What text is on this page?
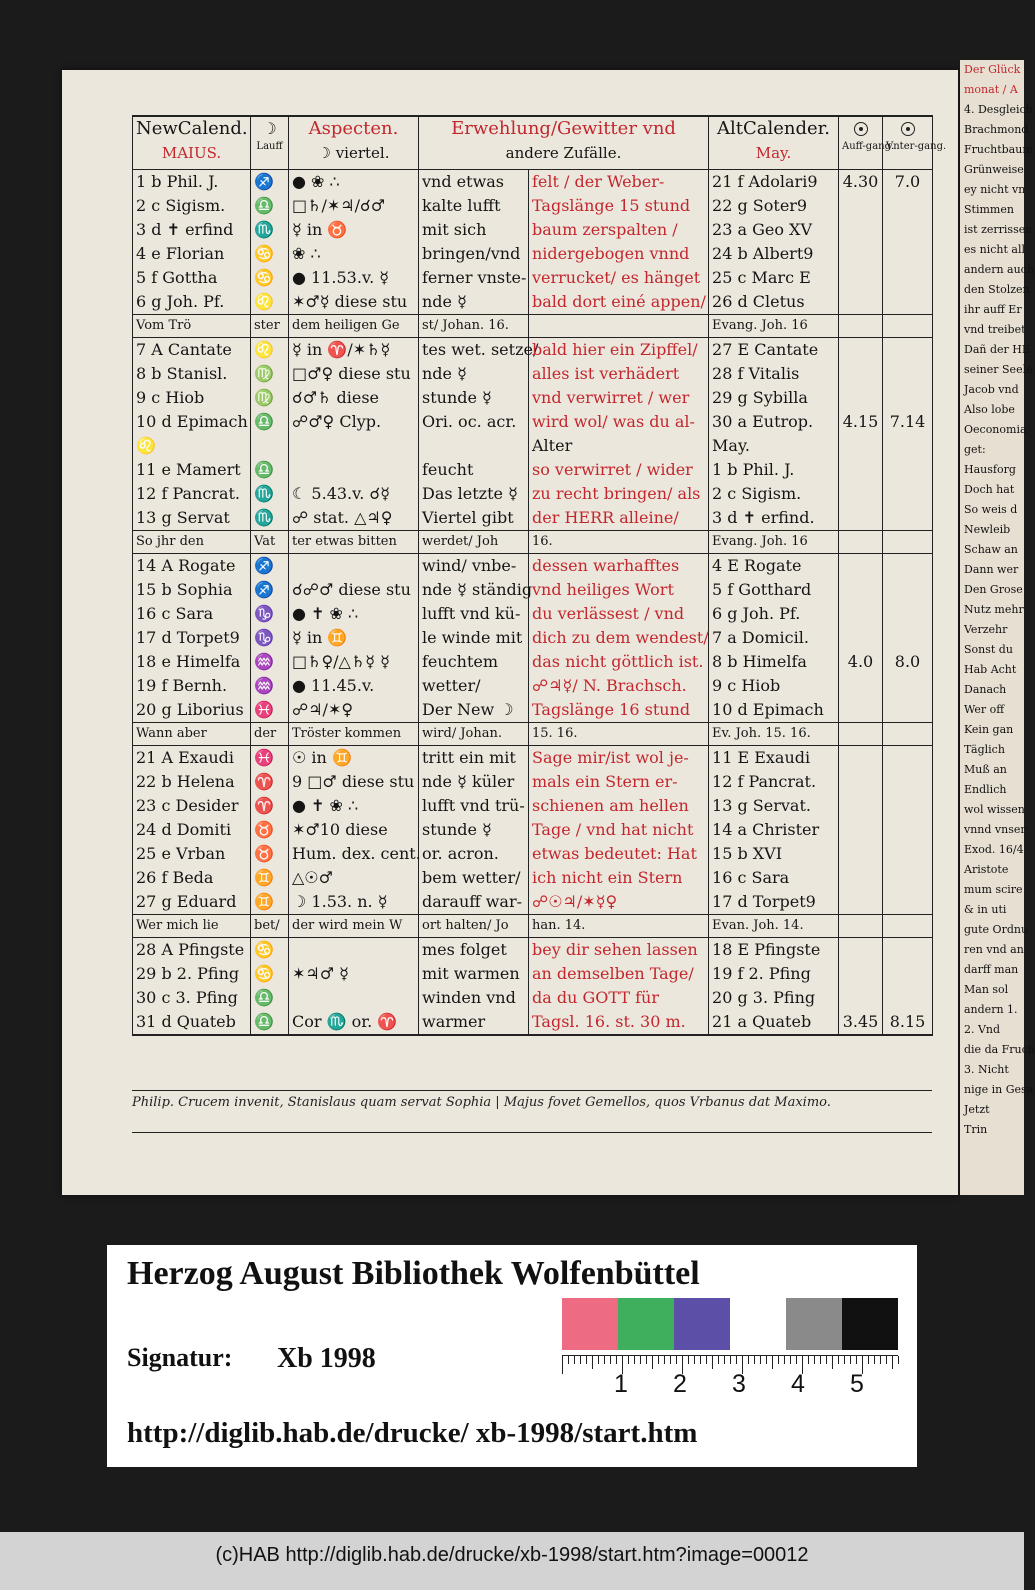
NewCalend.
MAIUS.	☽

Lauff	Aspecten.
☽ viertel.	Erwehlung/Gewitter vnd
andere Zufälle.		AltCalender.
May.	Auff-gang.	Vnter-gang.

1 b Phil. J.	♐	● ❀ ∴	vnd etwas	felt / der Weber-	21 f Adolari9	4.30	7.0
2 c Sigism.	♎	□♄/✶♃/☌♂	kalte lufft	Tagslänge 15 stund	22 g Soter9		
3 d ✝ erfind	♏	☿ in ♉	mit sich	baum zerspalten /	23 a Geo XV		
4 e Florian	♋	❀ ∴	bringen/vnd	nidergebogen vnnd	24 b Albert9		
5 f Gottha	♋	● 11.53.v. ☿	ferner vnste-	verrucket/ es hänget	25 c Marc E		
6 g Joh. Pf.	♌	✶♂☿ diese stu	nde ☿	bald dort einé appen/	26 d Cletus		
Vom Trö	ster	dem heiligen Ge	st/ Johan. 16.		Evang. Joh. 16		
7 A Cantate	♌	☿ in ♈/✶♄☿	tes wet. setze/	bald hier ein Zipffel/	27 E Cantate		
8 b Stanisl.	♍	□♂♀ diese stu	nde ☿	alles ist verhädert	28 f Vitalis		
9 c Hiob	♍	☌♂♄ diese	stunde ☿	vnd verwirret / wer	29 g Sybilla		
10 d Epimach	♎	☍♂♀ Clyp.	Ori. oc. acr.	wird wol/ was du al-	30 a Eutrop.	4.15	7.14
♌				Alter	May.		
11 e Mamert	♎		feucht	so verwirret / wider	1 b Phil. J.		
12 f Pancrat.	♏	☾ 5.43.v. ☌☿	Das letzte ☿	zu recht bringen/ als	2 c Sigism.		
13 g Servat	♏	☍ stat. △♃♀	Viertel gibt	der HERR alleine/	3 d ✝ erfind.		
So jhr den	Vat	ter etwas bitten	werdet/ Joh	16.	Evang. Joh. 16		
14 A Rogate	♐		wind/ vnbe-	dessen warhafftes	4 E Rogate		
15 b Sophia	♐	☌☍♂ diese stu	nde ☿ ständig	vnd heiliges Wort	5 f Gotthard		
16 c Sara	♑	● ✝ ❀ ∴	lufft vnd kü-	du verlässest / vnd	6 g Joh. Pf.		
17 d Torpet9	♑	☿ in ♊	le winde mit	dich zu dem wendest/	7 a Domicil.		
18 e Himelfa	♒	□♄♀/△♄☿ ☿	feuchtem	das nicht göttlich ist.	8 b Himelfa	4.0	8.0
19 f Bernh.	♒	● 11.45.v.	wetter/	☍♃☿/ N. Brachsch.	9 c Hiob		
20 g Liborius	♓	☍♃/✶♀	Der New ☽	Tagslänge 16 stund	10 d Epimach		
Wann aber	der	Tröster kommen	wird/ Johan.	15. 16.	Ev. Joh. 15. 16.		
21 A Exaudi	♓	☉ in ♊	tritt ein mit	Sage mir/ist wol je-	11 E Exaudi		
22 b Helena	♈	9 □♂ diese stu	nde ☿ küler	mals ein Stern er-	12 f Pancrat.		
23 c Desider	♈	● ✝ ❀ ∴	lufft vnd trü-	schienen am hellen	13 g Servat.		
24 d Domiti	♉	✶♂10 diese	stunde ☿	Tage / vnd hat nicht	14 a Christer		
25 e Vrban	♉	Hum. dex. cent.	or. acron.	etwas bedeutet: Hat	15 b XVI		
26 f Beda	♊	△☉♂	bem wetter/	ich nicht ein Stern	16 c Sara		
27 g Eduard	♊	☽ 1.53. n. ☿	darauff war-	☍☉♃/✶☿♀	17 d Torpet9		
Wer mich lie	bet/	der wird mein W	ort halten/ Jo	han. 14.	Evan. Joh. 14.		
28 A Pfingste	♋		mes folget	bey dir sehen lassen	18 E Pfingste		
29 b 2. Pfing	♋	✶♃♂ ☿	mit warmen	an demselben Tage/	19 f 2. Pfing		
30 c 3. Pfing	♎		winden vnd	da du GOTT für	20 g 3. Pfing		
31 d Quateb	♎	Cor ♏ or. ♈	warmer	Tagsl. 16. st. 30 m.	21 a Quateb	3.45	8.15
Philip. Crucem invenit, Stanislaus quam servat Sophia | Majus fovet Gemellos, quos Vrbanus dat Maximo.
Der Glück
monat / A
4. Desgleich
Brachmond
Fruchtbaum
Grünweise
ey nicht vn
Stimmen
ist zerrissen
es nicht all
andern auch
den Stolzen
ihr auff Er
vnd treibet
Dañ der HE
seiner Seele
Jacob vnd
Also lobe
Oeconomia
get:
Hausforg
Doch hat
So weis d
Newleib
Schaw an
Dann wer
Den Grose
Nutz mehr
Verzehr
Sonst du
Hab Acht
Danach
Wer off
Kein gan
Täglich
Muß an
Endlich
wol wissen
vnnd vnser
Exod. 16/4
Aristote
mum scire
& in uti
gute Ordnu
ren vnd an
darff man
Man sol
andern 1.
2. Vnd
die da Fruch
3. Nicht
nige in Gesa
Jetzt
Trin
Herzog August Bibliothek Wolfenbüttel
Signatur: Xb 1998
http://diglib.hab.de/drucke/ xb-1998/start.htm
1 2 3 4 5
(c)HAB http://diglib.hab.de/drucke/xb-1998/start.htm?image=00012
